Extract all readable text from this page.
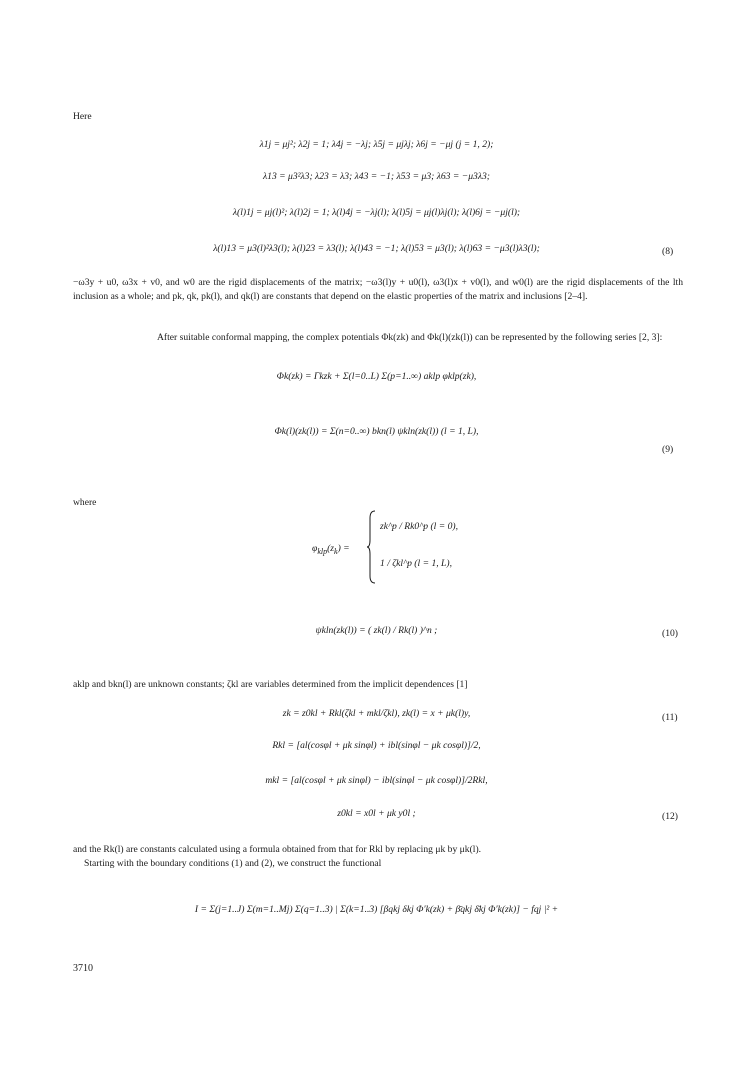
Here
λ1j = μj²; λ2j = 1; λ4j = −λj; λ5j = μjλj; λ6j = −μj (j = 1, 2);
λ13 = μ3²λ3; λ23 = λ3; λ43 = −1; λ53 = μ3; λ63 = −μ3λ3;
λ(l)1j = μj(l)²; λ(l)2j = 1; λ(l)4j = −λj(l); λ(l)5j = μj(l)λj(l); λ(l)6j = −μj(l);
λ(l)13 = μ3(l)²λ3(l); λ(l)23 = λ3(l); λ(l)43 = −1; λ(l)53 = μ3(l); λ(l)63 = −μ3(l)λ3(l);	(8)
−ω3y + u0, ω3x + v0, and w0 are the rigid displacements of the matrix; −ω3(l)y + u0(l), ω3(l)x + v0(l), and w0(l) are the rigid displacements of the lth inclusion as a whole; and pk, qk, pk(l), and qk(l) are constants that depend on the elastic properties of the matrix and inclusions [2–4].
After suitable conformal mapping, the complex potentials Φk(zk) and Φk(l)(zk(l)) can be represented by the following series [2, 3]:
Φk(zk) = Γkzk + Σ(l=0..L) Σ(p=1..∞) aklp φklp(zk),
Φk(l)(zk(l)) = Σ(n=0..∞) bkn(l) ψkln(zk(l)) (l = 1, L),
(9)
where
$\varphi_{klp}(z_k)$ =
zk^p / Rk0^p (l = 0),
1 / ζkl^p (l = 1, L),
ψkln(zk(l)) = ( zk(l) / Rk(l) )^n ;	(10)
aklp and bkn(l) are unknown constants; ζkl are variables determined from the implicit dependences [1]
zk = z0kl + Rkl(ζkl + mkl/ζkl), zk(l) = x + μk(l)y,	(11)
Rkl = [al(cosφl + μk sinφl) + ibl(sinφl − μk cosφl)]/2,
mkl = [al(cosφl + μk sinφl) − ibl(sinφl − μk cosφl)]/2Rkl,
z0kl = x0l + μk y0l ;	(12)
and the Rk(l) are constants calculated using a formula obtained from that for Rkl by replacing μk by μk(l).
Starting with the boundary conditions (1) and (2), we construct the functional
I = Σ(j=1..J) Σ(m=1..Mj) Σ(q=1..3) | Σ(k=1..3) [βqkj δkj Φ′k(zk) + β̄qkj δ̄kj Φ′k(zk)] − fqj |² +
3710
